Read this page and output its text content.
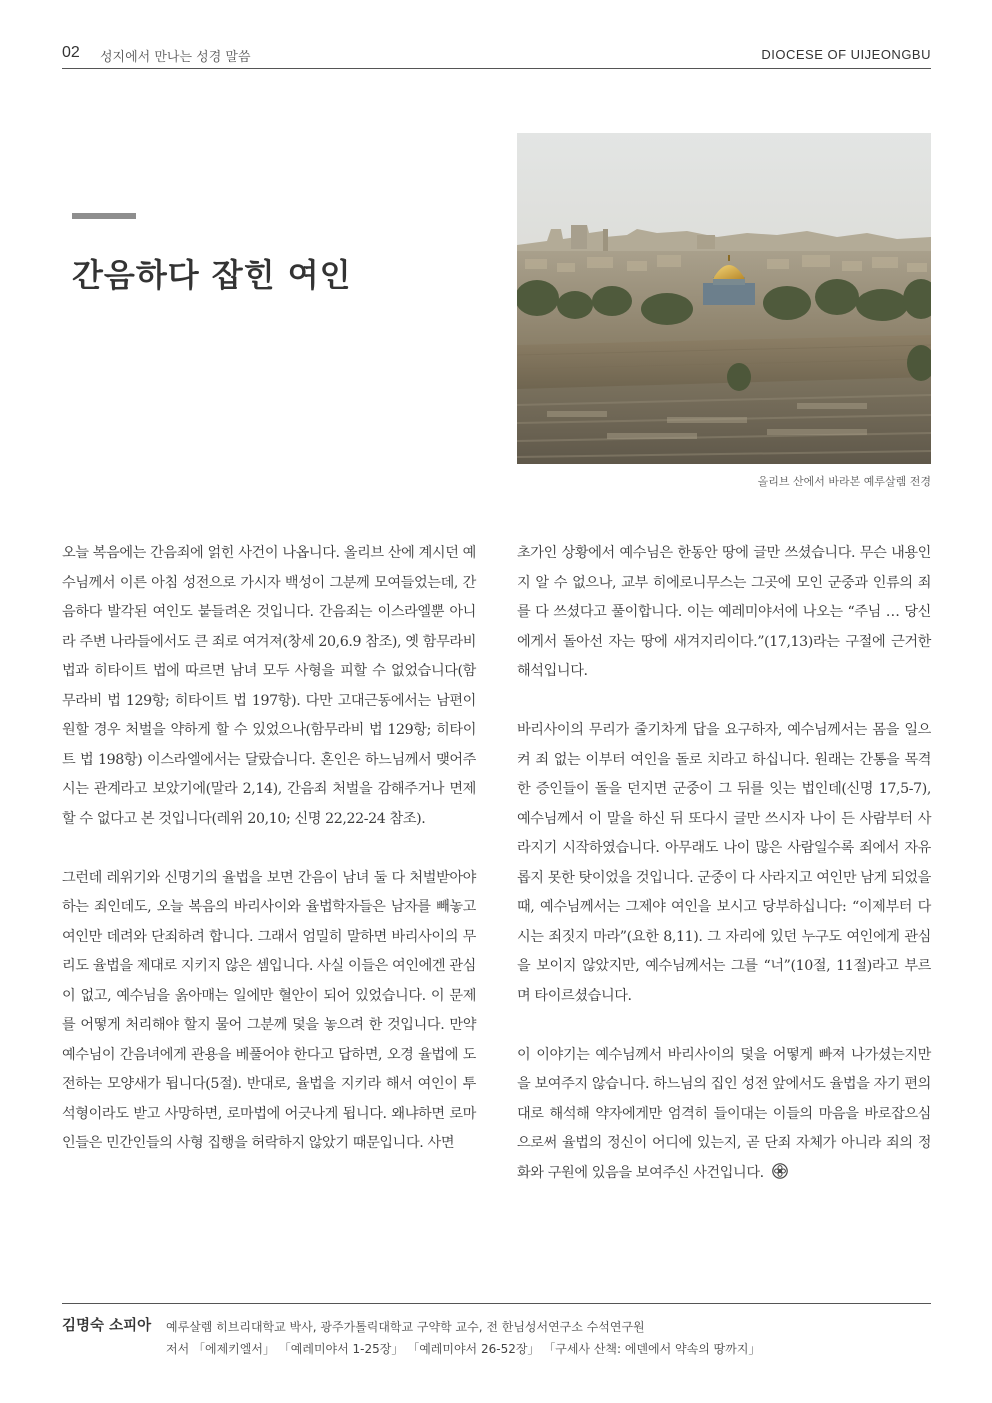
02 성지에서 만나는 성경 말씀	DIOCESE OF UIJEONGBU
간음하다 잡힌 여인
올리브 산에서 바라본 예루살렘 전경

오늘 복음에는 간음죄에 얽힌 사건이 나옵니다. 올리브 산에 계시던 예수님께서 이른 아침 성전으로 가시자 백성이 그분께 모여들었는데, 간음하다 발각된 여인도 붙들려온 것입니다. 간음죄는 이스라엘뿐 아니라 주변 나라들에서도 큰 죄로 여겨져(창세 20,6.9 참조), 옛 함무라비 법과 히타이트 법에 따르면 남녀 모두 사형을 피할 수 없었습니다(함무라비 법 129항; 히타이트 법 197항). 다만 고대근동에서는 남편이 원할 경우 처벌을 약하게 할 수 있었으나(함무라비 법 129항; 히타이트 법 198항) 이스라엘에서는 달랐습니다. 혼인은 하느님께서 맺어주시는 관계라고 보았기에(말라 2,14), 간음죄 처벌을 감해주거나 면제할 수 없다고 본 것입니다(레위 20,10; 신명 22,22-24 참조).

그런데 레위기와 신명기의 율법을 보면 간음이 남녀 둘 다 처벌받아야 하는 죄인데도, 오늘 복음의 바리사이와 율법학자들은 남자를 빼놓고 여인만 데려와 단죄하려 합니다. 그래서 엄밀히 말하면 바리사이의 무리도 율법을 제대로 지키지 않은 셈입니다. 사실 이들은 여인에겐 관심이 없고, 예수님을 옭아매는 일에만 혈안이 되어 있었습니다. 이 문제를 어떻게 처리해야 할지 물어 그분께 덫을 놓으려 한 것입니다. 만약 예수님이 간음녀에게 관용을 베풀어야 한다고 답하면, 오경 율법에 도전하는 모양새가 됩니다(5절). 반대로, 율법을 지키라 해서 여인이 투석형이라도 받고 사망하면, 로마법에 어긋나게 됩니다. 왜냐하면 로마인들은 민간인들의 사형 집행을 허락하지 않았기 때문입니다. 사면

초가인 상황에서 예수님은 한동안 땅에 글만 쓰셨습니다. 무슨 내용인지 알 수 없으나, 교부 히에로니무스는 그곳에 모인 군중과 인류의 죄를 다 쓰셨다고 풀이합니다. 이는 예레미야서에 나오는 “주님 … 당신에게서 돌아선 자는 땅에 새겨지리이다.”(17,13)라는 구절에 근거한 해석입니다.

바리사이의 무리가 줄기차게 답을 요구하자, 예수님께서는 몸을 일으켜 죄 없는 이부터 여인을 돌로 치라고 하십니다. 원래는 간통을 목격한 증인들이 돌을 던지면 군중이 그 뒤를 잇는 법인데(신명 17,5-7), 예수님께서 이 말을 하신 뒤 또다시 글만 쓰시자 나이 든 사람부터 사라지기 시작하였습니다. 아무래도 나이 많은 사람일수록 죄에서 자유롭지 못한 탓이었을 것입니다. 군중이 다 사라지고 여인만 남게 되었을 때, 예수님께서는 그제야 여인을 보시고 당부하십니다: “이제부터 다시는 죄짓지 마라”(요한 8,11). 그 자리에 있던 누구도 여인에게 관심을 보이지 않았지만, 예수님께서는 그를 “너”(10절, 11절)라고 부르며 타이르셨습니다.

이 이야기는 예수님께서 바리사이의 덫을 어떻게 빠져 나가셨는지만을 보여주지 않습니다. 하느님의 집인 성전 앞에서도 율법을 자기 편의대로 해석해 약자에게만 엄격히 들이대는 이들의 마음을 바로잡으심으로써 율법의 정신이 어디에 있는지, 곧 단죄 자체가 아니라 죄의 정화와 구원에 있음을 보여주신 사건입니다.

김명숙 소피아 예루살렘 히브리대학교 박사, 광주가톨릭대학교 구약학 교수, 전 한님성서연구소 수석연구원
저서 「에제키엘서」 「예레미야서 1-25장」 「예레미야서 26-52장」 「구세사 산책: 에덴에서 약속의 땅까지」
